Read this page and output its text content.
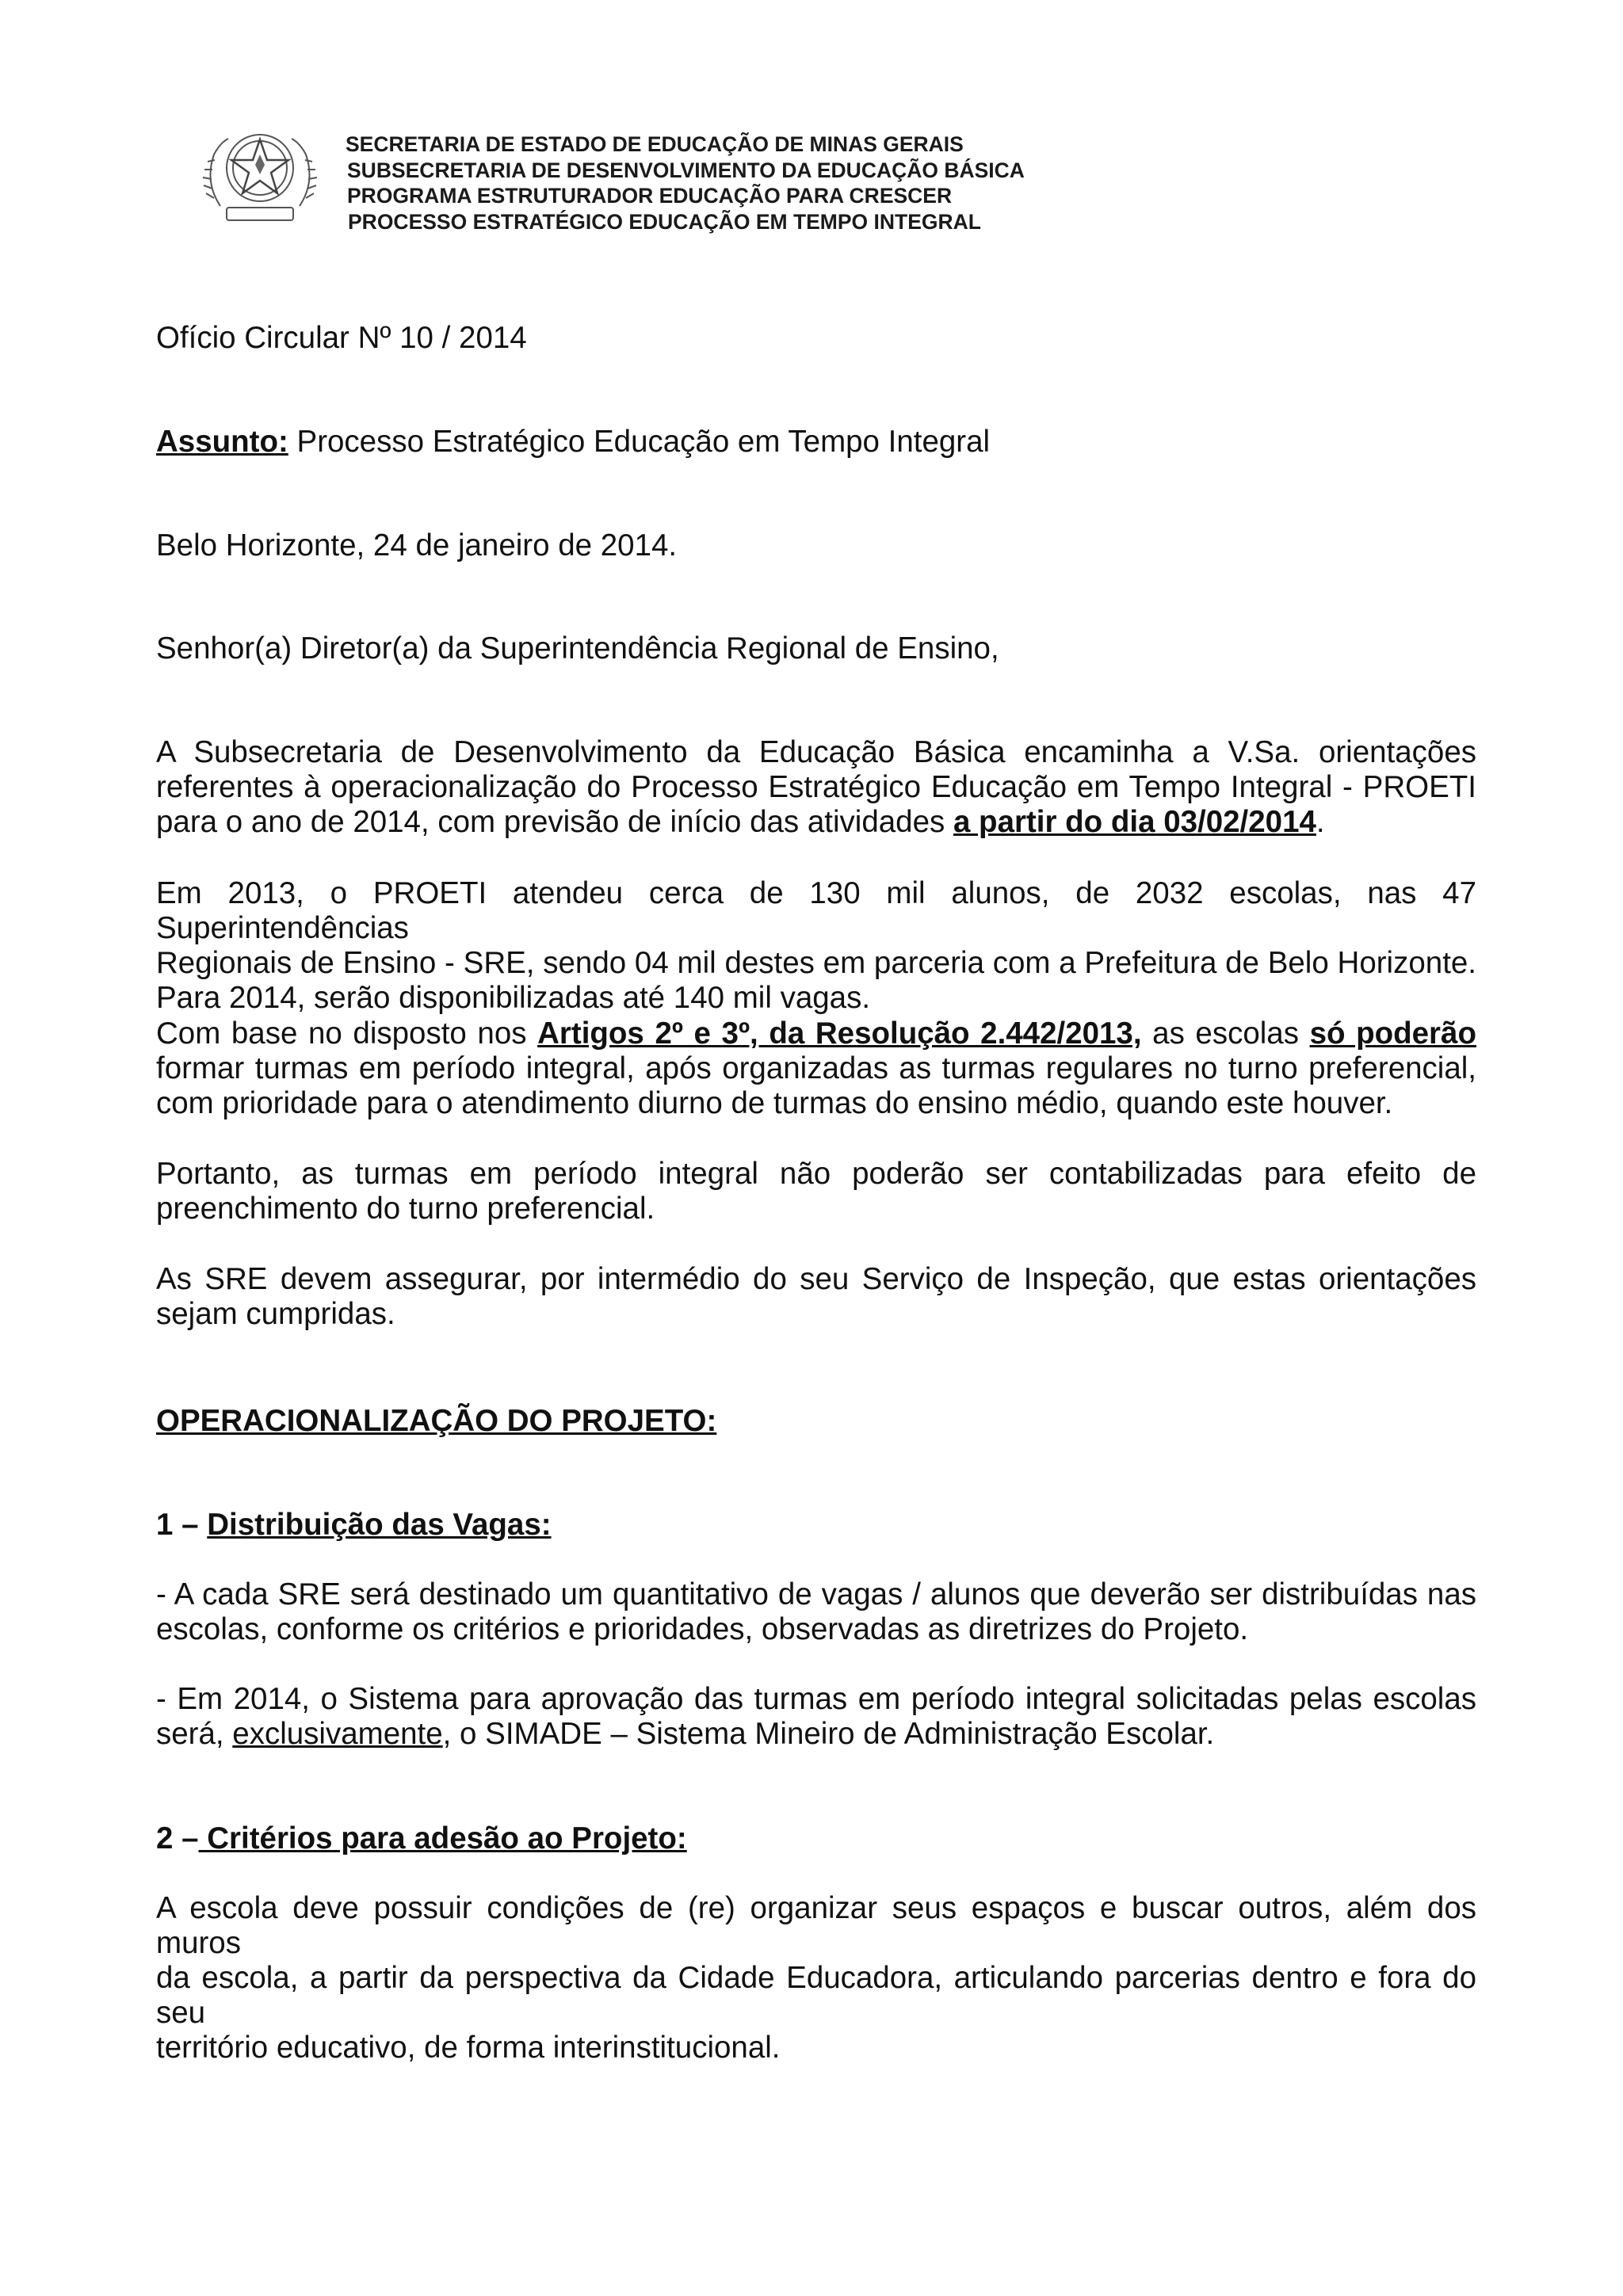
SECRETARIA DE ESTADO DE EDUCAÇÃO DE MINAS GERAIS
SUBSECRETARIA DE DESENVOLVIMENTO DA EDUCAÇÃO BÁSICA
PROGRAMA ESTRUTURADOR EDUCAÇÃO PARA CRESCER
PROCESSO ESTRATÉGICO EDUCAÇÃO EM TEMPO INTEGRAL
Ofício Circular Nº 10 / 2014
Assunto: Processo Estratégico Educação em Tempo Integral
Belo Horizonte, 24 de janeiro de 2014.
Senhor(a) Diretor(a) da Superintendência Regional de Ensino,
A Subsecretaria de Desenvolvimento da Educação Básica encaminha a V.Sa. orientações
referentes à operacionalização do Processo Estratégico Educação em Tempo Integral - PROETI
para o ano de 2014, com previsão de início das atividades a partir do dia 03/02/2014.
Em 2013, o PROETI atendeu cerca de 130 mil alunos, de 2032 escolas, nas 47 Superintendências
Regionais de Ensino - SRE, sendo 04 mil destes em parceria com a Prefeitura de Belo Horizonte.
Para 2014, serão disponibilizadas até 140 mil vagas.
Com base no disposto nos Artigos 2º e 3º, da Resolução 2.442/2013, as escolas só poderão
formar turmas em período integral, após organizadas as turmas regulares no turno preferencial,
com prioridade para o atendimento diurno de turmas do ensino médio, quando este houver.
Portanto, as turmas em período integral não poderão ser contabilizadas para efeito de
preenchimento do turno preferencial.
As SRE devem assegurar, por intermédio do seu Serviço de Inspeção, que estas orientações
sejam cumpridas.
OPERACIONALIZAÇÃO DO PROJETO:
1 – Distribuição das Vagas:
- A cada SRE será destinado um quantitativo de vagas / alunos que deverão ser distribuídas nas
escolas, conforme os critérios e prioridades, observadas as diretrizes do Projeto.
- Em 2014, o Sistema para aprovação das turmas em período integral solicitadas pelas escolas
será, exclusivamente, o SIMADE – Sistema Mineiro de Administração Escolar.
2 – Critérios para adesão ao Projeto:
A escola deve possuir condições de (re) organizar seus espaços e buscar outros, além dos muros
da escola, a partir da perspectiva da Cidade Educadora, articulando parcerias dentro e fora do seu
território educativo, de forma interinstitucional.
